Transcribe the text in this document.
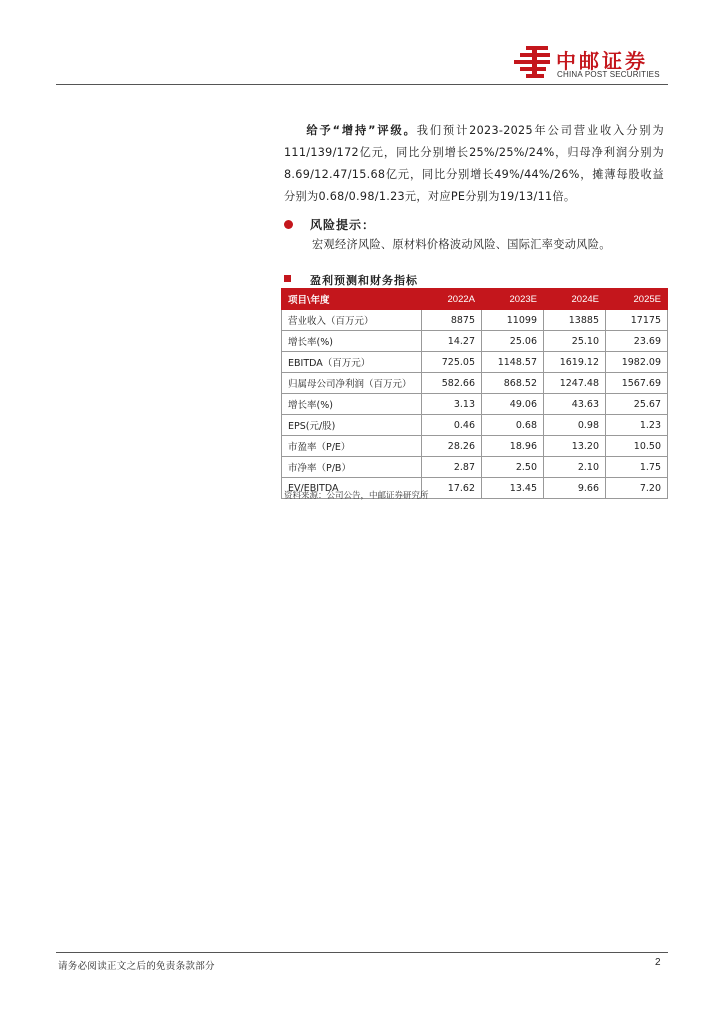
中邮证券
CHINA POST SECURITIES

给予“增持”评级。我们预计2023-2025年公司营业收入分别为111/139/172亿元，同比分别增长25%/25%/24%，归母净利润分别为8.69/12.47/15.68亿元，同比分别增长49%/44%/26%，摊薄每股收益分别为0.68/0.98/1.23元，对应PE分别为19/13/11倍。

风险提示：
宏观经济风险、原材料价格波动风险、国际汇率变动风险。
盈利预测和财务指标
项目\年度	2022A	2023E	2024E	2025E
营业收入（百万元）	8875	11099	13885	17175
增长率(%)	14.27	25.06	25.10	23.69
EBITDA（百万元）	725.05	1148.57	1619.12	1982.09
归属母公司净利润（百万元）	582.66	868.52	1247.48	1567.69
增长率(%)	3.13	49.06	43.63	25.67
EPS(元/股)	0.46	0.68	0.98	1.23
市盈率（P/E）	28.26	18.96	13.20	10.50
市净率（P/B）	2.87	2.50	2.10	1.75
EV/EBITDA	17.62	13.45	9.66	7.20
资料来源：公司公告，中邮证券研究所
请务必阅读正文之后的免责条款部分	2
